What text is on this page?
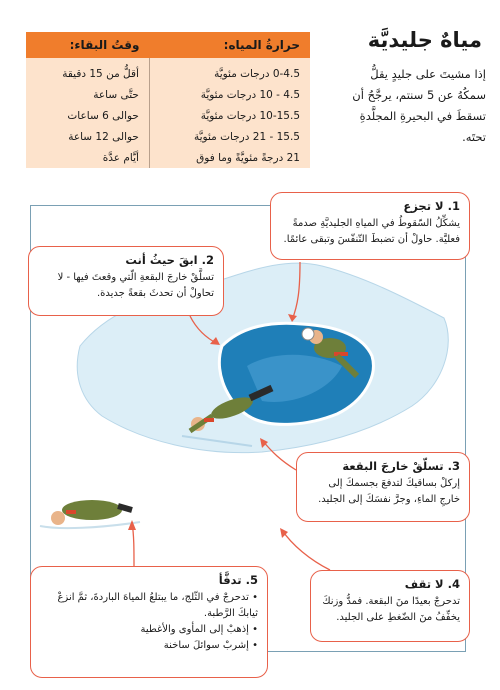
مياهٌ جليديَّة
إذا مشيتَ على جليدٍ يقلُّ سمكُهُ عن 5 سنتم، يرجَّحُ أن تسقطَ في البحيرةِ المجلَّدةِ تحتَه.
حرارةُ المياه:	وقتُ البقاء:
0-4.5 درجات مئويَّة	أقلُّ من 15 دقيقة
4.5 - 10 درجات مئويَّة	حتَّى ساعة
10-15.5 درجات مئويَّة	حوالى 6 ساعات
15.5 - 21 درجات مئويَّة	حوالى 12 ساعة
21 درجةً مئويَّةً وما فوق	أيَّام عدَّة
1. لا تجزع

يشكِّلُ السّقوطُ في المياهِ الجليديَّةِ صدمةً فعليَّة. حاولْ أن تضبطَ التّنفّسَ وتبقى عائمًا.

2. ابقَ حيثُ أنت

تسلَّقْ خارجَ البقعةِ الّتي وقعتَ فيها - لا تحاولْ أن تحدثَ بقعةً جديدة.

3. تسلّقْ خارجَ البقعة

إركلْ بساقيكَ لتدفعَ بجسمكَ إلى خارجِ الماءِ، وجرَّ نفسَكَ إلى الجليد.

4. لا تقف

تدحرجْ بعيدًا منَ البقعة. فمدُّ وزنكَ يخفِّفُ منَ الضّغطِ على الجليد.

5. تدفَّأ
• تدحرجْ في الثّلج، ما يبتلعُ المياهَ الباردةَ، ثمَّ انزعْ ثيابكَ الرَّطبة.
• إذهبْ إلى المأوى والأغطية
• إشربْ سوائلَ ساخنة
